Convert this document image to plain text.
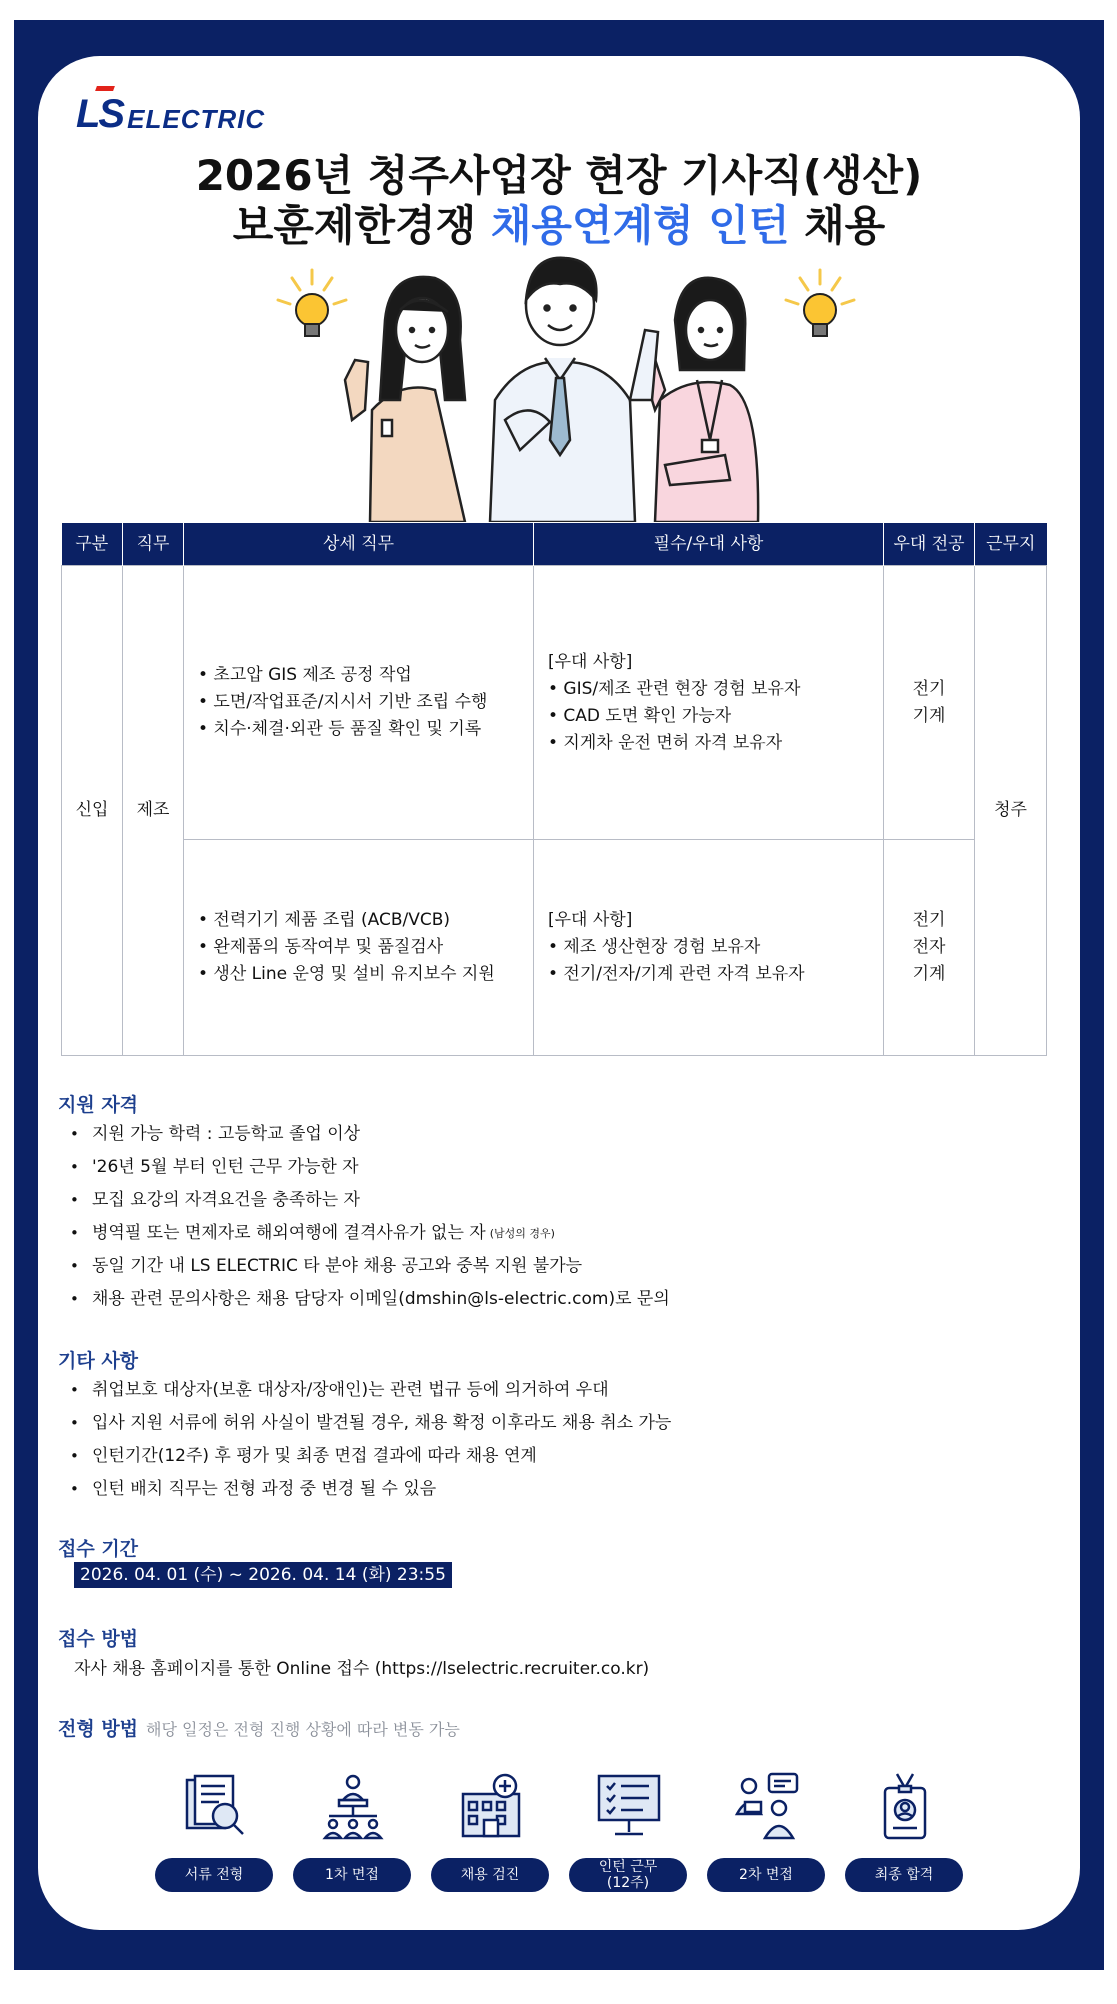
LS ELECTRIC
2026년 청주사업장 현장 기사직(생산)
보훈제한경쟁 채용연계형 인턴 채용
구분	직무	상세 직무	필수/우대 사항	우대 전공	근무지
신입	제조	• 초고압 GIS 제조 공정 작업
• 도면/작업표준/지시서 기반 조립 수행
• 치수·체결·외관 등 품질 확인 및 기록	[우대 사항]
• GIS/제조 관련 현장 경험 보유자
• CAD 도면 확인 가능자
• 지게차 운전 면허 자격 보유자	전기
기계	청주

		• 전력기기 제품 조립 (ACB/VCB)
• 완제품의 동작여부 및 품질검사
• 생산 Line 운영 및 설비 유지보수 지원	[우대 사항]
• 제조 생산현장 경험 보유자
• 전기/전자/기계 관련 자격 보유자	전기
전자
기계	
지원 자격
• 지원 가능 학력 : 고등학교 졸업 이상
• '26년 5월 부터 인턴 근무 가능한 자
• 모집 요강의 자격요건을 충족하는 자
• 병역필 또는 면제자로 해외여행에 결격사유가 없는 자 (남성의 경우)
• 동일 기간 내 LS ELECTRIC 타 분야 채용 공고와 중복 지원 불가능
• 채용 관련 문의사항은 채용 담당자 이메일(dmshin@ls-electric.com)로 문의
기타 사항
• 취업보호 대상자(보훈 대상자/장애인)는 관련 법규 등에 의거하여 우대
• 입사 지원 서류에 허위 사실이 발견될 경우, 채용 확정 이후라도 채용 취소 가능
• 인턴기간(12주) 후 평가 및 최종 면접 결과에 따라 채용 연계
• 인턴 배치 직무는 전형 과정 중 변경 될 수 있음
접수 기간
2026. 04. 01 (수) ~ 2026. 04. 14 (화) 23:55
접수 방법
자사 채용 홈페이지를 통한 Online 접수 (https://lselectric.recruiter.co.kr)
전형 방법 해당 일정은 전형 진행 상황에 따라 변동 가능
서류 전형	1차 면접	채용 검진	인턴 근무
(12주)	2차 면접	최종 합격
